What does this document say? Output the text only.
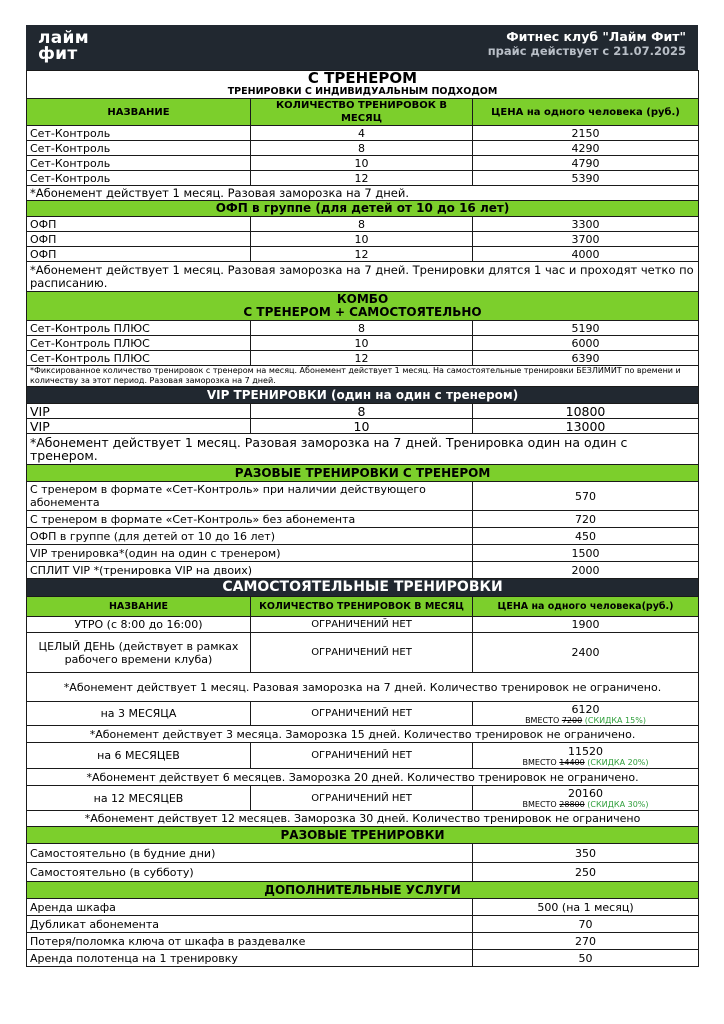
лайм
фит
Фитнес клуб "Лайм Фит"
прайс действует с 21.07.2025
С ТРЕНЕРОМ		
ТРЕНИРОВКИ С ИНДИВИДУАЛЬНЫМ ПОДХОДОМ		
НАЗВАНИЕ	КОЛИЧЕСТВО ТРЕНИРОВОК В МЕСЯЦ	ЦЕНА на одного человека (руб.)
Сет-Контроль	4	2150
Сет-Контроль	8	4290
Сет-Контроль	10	4790
Сет-Контроль	12	5390
*Абонемент действует 1 месяц. Разовая заморозка на 7 дней.		
ОФП в группе (для детей от 10 до 16 лет)		
ОФП	8	3300
ОФП	10	3700
ОФП	12	4000
*Абонемент действует 1 месяц. Разовая заморозка на 7 дней. Тренировки длятся 1 час и проходят четко по расписанию.		

КОМБО
С ТРЕНЕРОМ + САМОСТОЯТЕЛЬНО		

Сет-Контроль ПЛЮС	8	5190
Сет-Контроль ПЛЮС	10	6000
Сет-Контроль ПЛЮС	12	6390
*Фиксированное количество тренировок с тренером на месяц. Абонемент действует 1 месяц. На самостоятельные тренировки БЕЗЛИМИТ по времени и количеству за этот период. Разовая заморозка на 7 дней.		
VIP ТРЕНИРОВКИ (один на один с тренером)		
VIP	8	10800
VIP	10	13000
*Абонемент действует 1 месяц. Разовая заморозка на 7 дней. Тренировка один на один с тренером.		
РАЗОВЫЕ ТРЕНИРОВКИ С ТРЕНЕРОМ		
С тренером в формате «Сет-Контроль» при наличии действующего абонемента		570
С тренером в формате «Сет-Контроль» без абонемента		720
ОФП в группе (для детей от 10 до 16 лет)		450
VIP тренировка*(один на один с тренером)		1500
СПЛИТ VIP *(тренировка VIP на двоих)		2000
САМОСТОЯТЕЛЬНЫЕ ТРЕНИРОВКИ		
НАЗВАНИЕ	КОЛИЧЕСТВО ТРЕНИРОВОК В МЕСЯЦ	ЦЕНА на одного человека(руб.)
УТРО (с 8:00 до 16:00)	ОГРАНИЧЕНИЙ НЕТ	1900
ЦЕЛЫЙ ДЕНЬ (действует в рамках рабочего времени клуба)	ОГРАНИЧЕНИЙ НЕТ	2400
*Абонемент действует 1 месяц. Разовая заморозка на 7 дней. Количество тренировок не ограничено.		
на 3 МЕСЯЦА	ОГРАНИЧЕНИЙ НЕТ	6120
ВМЕСТО 7200 (СКИДКА 15%)

*Абонемент действует 3 месяца. Заморозка 15 дней. Количество тренировок не ограничено.		
на 6 МЕСЯЦЕВ	ОГРАНИЧЕНИЙ НЕТ	11520
ВМЕСТО 14400 (СКИДКА 20%)

*Абонемент действует 6 месяцев. Заморозка 20 дней. Количество тренировок не ограничено.		
на 12 МЕСЯЦЕВ	ОГРАНИЧЕНИЙ НЕТ	20160
ВМЕСТО 28800 (СКИДКА 30%)

*Абонемент действует 12 месяцев. Заморозка 30 дней. Количество тренировок не ограничено		
РАЗОВЫЕ ТРЕНИРОВКИ		
Самостоятельно (в будние дни)		350
Самостоятельно (в субботу)		250
ДОПОЛНИТЕЛЬНЫЕ УСЛУГИ		
Аренда шкафа		500 (на 1 месяц)
Дубликат абонемента		70
Потеря/поломка ключа от шкафа в раздевалке		270
Аренда полотенца на 1 тренировку		50
